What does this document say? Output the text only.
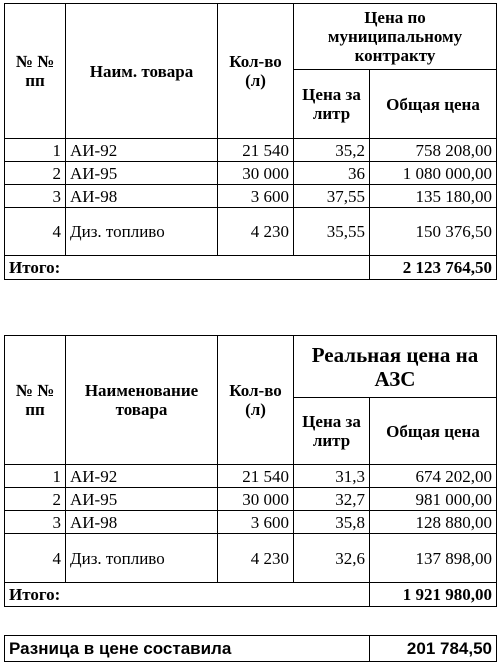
№ № пп	Наим. товара	Кол-во (л)	Цена по муниципальному контракту	
			Цена за литр	Общая цена
1	АИ-92	21 540	35,2	758 208,00
2	АИ-95	30 000	36	1 080 000,00
3	АИ-98	3 600	37,55	135 180,00
4	Диз. топливо	4 230	35,55	150 376,50
Итого:				2 123 764,50
№ № пп	Наименование товара	Кол-во (л)	Реальная цена на АЗС	
			Цена за литр	Общая цена
1	АИ-92	21 540	31,3	674 202,00
2	АИ-95	30 000	32,7	981 000,00
3	АИ-98	3 600	35,8	128 880,00
4	Диз. топливо	4 230	32,6	137 898,00
Итого:				1 921 980,00
Разница в цене составила	201 784,50
